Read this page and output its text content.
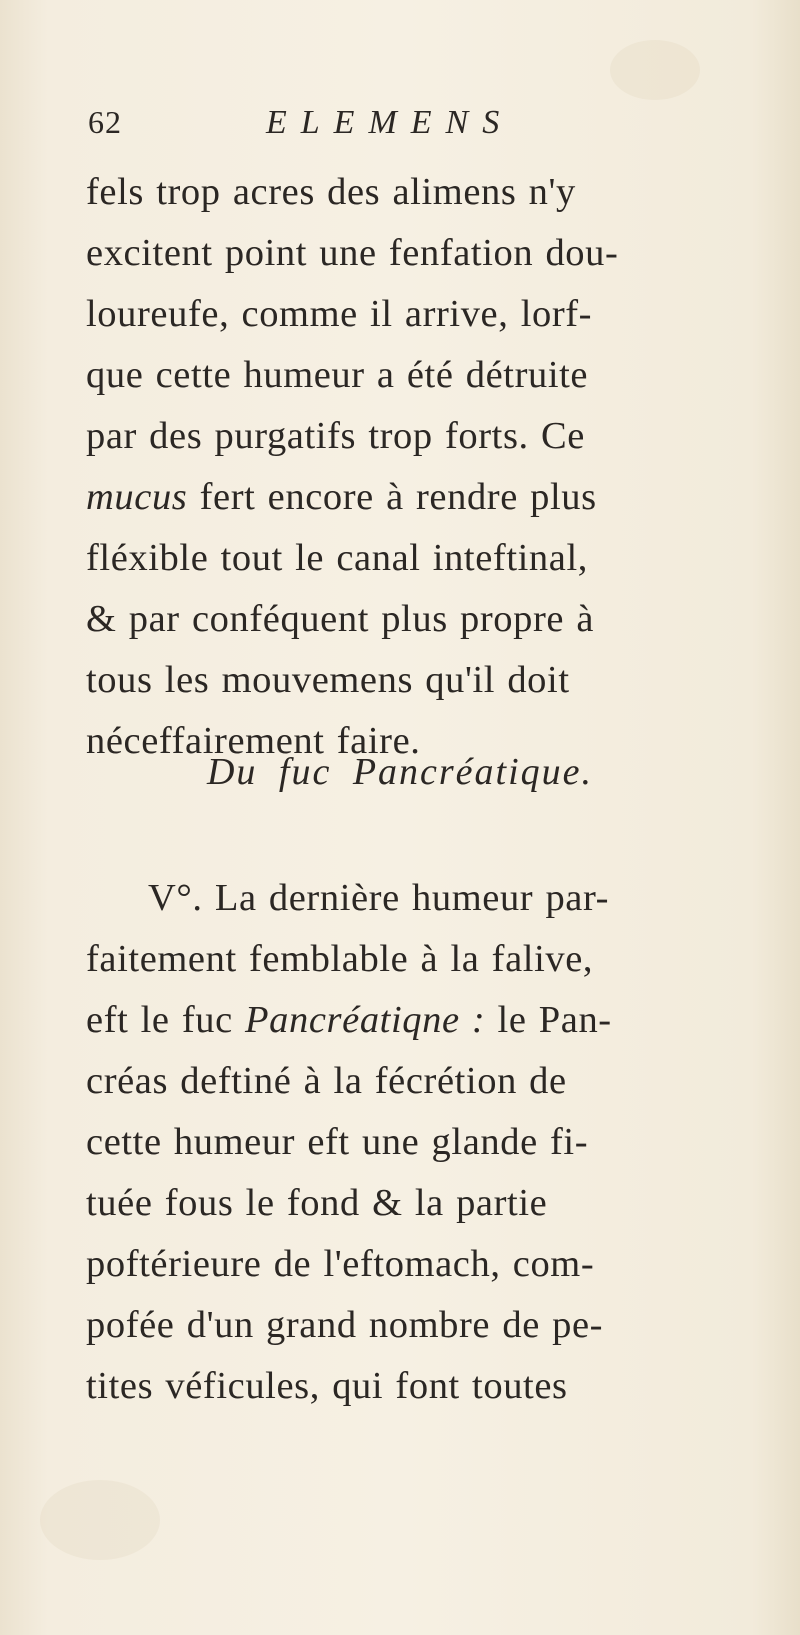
62	ELEMENS
fels trop acres des alimens n'y
excitent point une fenfation dou-
loureufe, comme il arrive, lorf-
que cette humeur a été détruite
par des purgatifs trop forts. Ce
mucus fert encore à rendre plus
fléxible tout le canal inteftinal,
& par conféquent plus propre à
tous les mouvemens qu'il doit
néceffairement faire.
Du fuc Pancréatique.
V°. La dernière humeur par-
faitement femblable à la falive,
eft le fuc Pancréatiqne : le Pan-
créas deftiné à la fécrétion de
cette humeur eft une glande fi-
tuée fous le fond & la partie
poftérieure de l'eftomach, com-
pofée d'un grand nombre de pe-
tites véficules, qui font toutes
